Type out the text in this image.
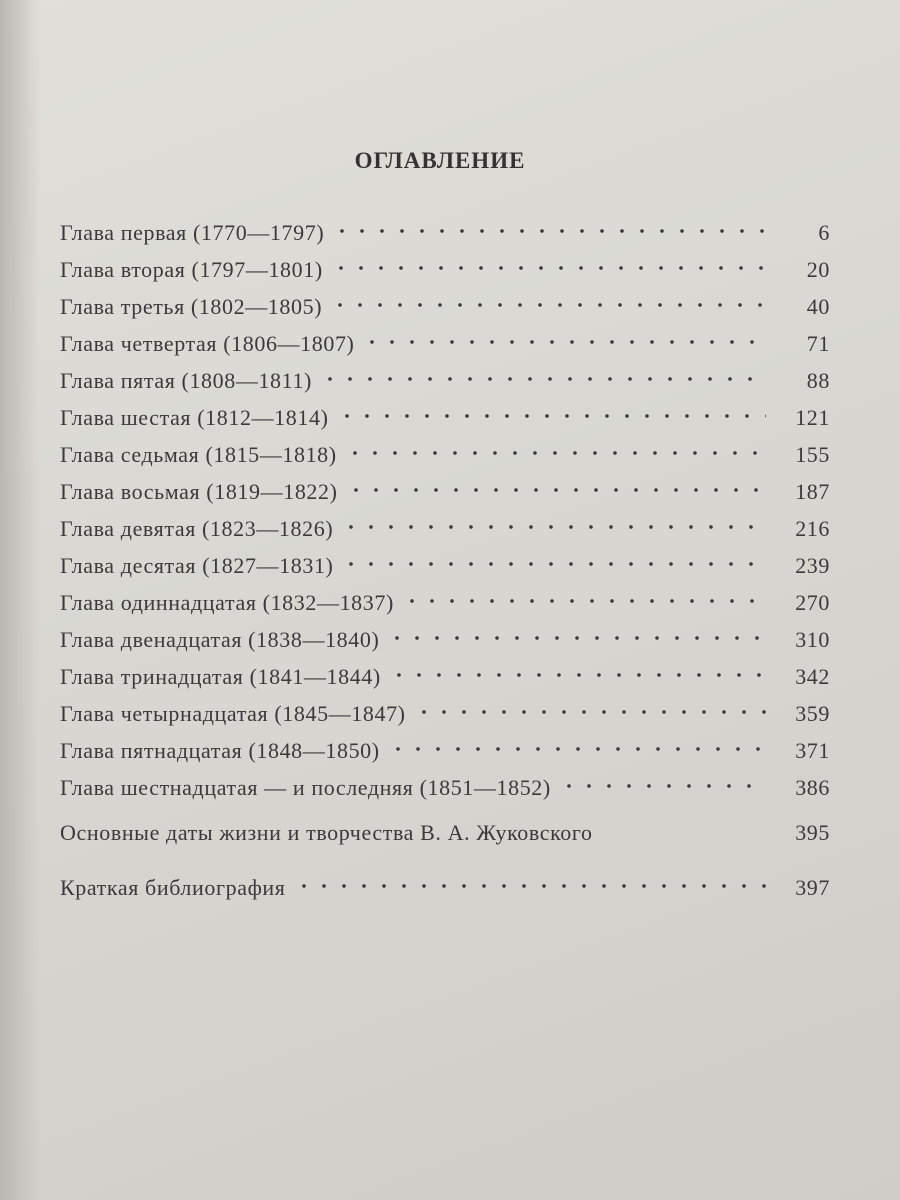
ОГЛАВЛЕНИЕ
Глава первая (1770—1797)	6
Глава вторая (1797—1801)	20
Глава третья (1802—1805)	40
Глава четвертая (1806—1807)	71
Глава пятая (1808—1811)	88
Глава шестая (1812—1814)	121
Глава седьмая (1815—1818)	155
Глава восьмая (1819—1822)	187
Глава девятая (1823—1826)	216
Глава десятая (1827—1831)	239
Глава одиннадцатая (1832—1837)	270
Глава двенадцатая (1838—1840)	310
Глава тринадцатая (1841—1844)	342
Глава четырнадцатая (1845—1847)	359
Глава пятнадцатая (1848—1850)	371
Глава шестнадцатая — и последняя (1851—1852)	386
Основные даты жизни и творчества В. А. Жуковского	395
Краткая библиография	397
